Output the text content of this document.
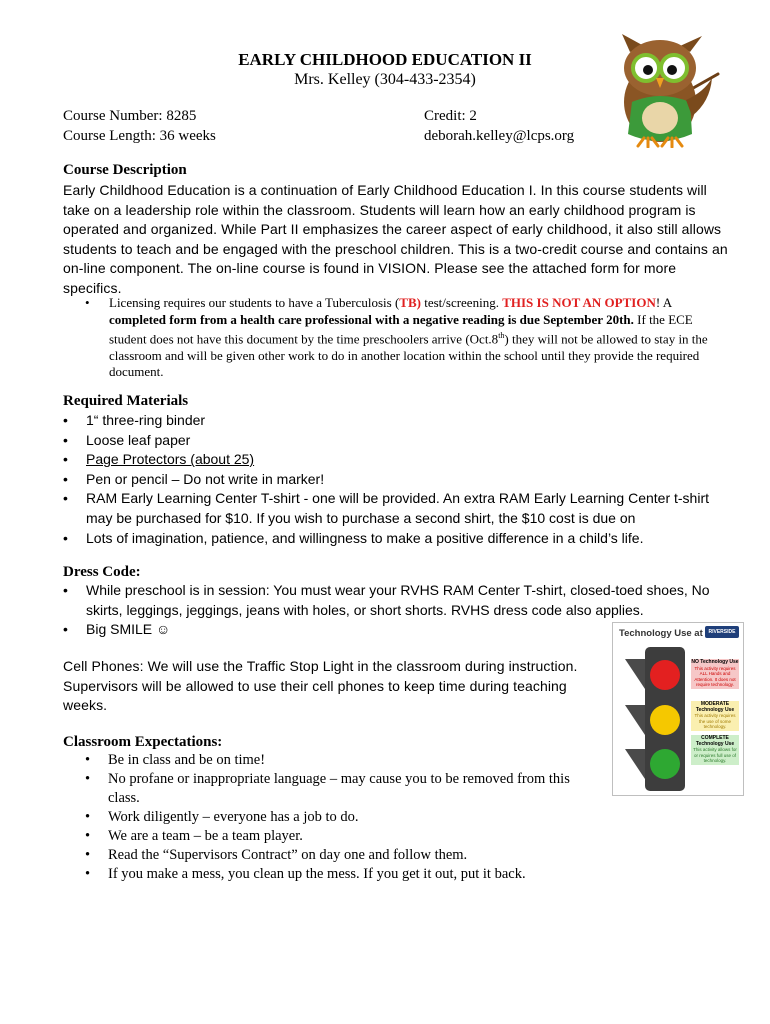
EARLY CHILDHOOD EDUCATION II
Mrs. Kelley (304-433-2354)
Course Number: 8285
Course Length: 36 weeks
Credit: 2
deborah.kelley@lcps.org
Course Description
Early Childhood Education is a continuation of Early Childhood Education I. In this course students will take on a leadership role within the classroom. Students will learn how an early childhood program is operated and organized. While Part II emphasizes the career aspect of early childhood, it also still allows students to teach and be engaged with the preschool children. This is a two-credit course and contains an on-line component. The on-line course is found in VISION. Please see the attached form for more specifics.
•	Licensing requires our students to have a Tuberculosis (TB) test/screening. THIS IS NOT AN OPTION! A completed form from a health care professional with a negative reading is due September 20th. If the ECE student does not have this document by the time preschoolers arrive (Oct.8th) they will not be allowed to stay in the classroom and will be given other work to do in another location within the school until they provide the required document.
Required Materials
• 1“ three-ring binder
• Loose leaf paper
• Page Protectors (about 25)
• Pen or pencil – Do not write in marker!
• RAM Early Learning Center T-shirt - one will be provided. An extra RAM Early Learning Center t-shirt may be purchased for $10. If you wish to purchase a second shirt, the $10 cost is due on
• Lots of imagination, patience, and willingness to make a positive difference in a child’s life.
Dress Code:
• While preschool is in session: You must wear your RVHS RAM Center T-shirt, closed-toed shoes, No skirts, leggings, jeggings, jeans with holes, or short shorts. RVHS dress code also applies.
• Big SMILE ☺
Cell Phones: We will use the Traffic Stop Light in the classroom during instruction. Supervisors will be allowed to use their cell phones to keep time during teaching weeks.
Classroom Expectations:
• Be in class and be on time!
• No profane or inappropriate language – may cause you to be removed from this class.
• Work diligently – everyone has a job to do.
• We are a team – be a team player.
• Read the “Supervisors Contract” on day one and follow them.
• If you make a mess, you clean up the mess. If you get it out, put it back.
Technology Use at	RIVERSIDE
NO Technology Use
This activity requires ALL Hands and Attention. It does not require technology.
MODERATE Technology Use
This activity requires the use of some technology.
COMPLETE Technology Use
This activity allows for or requires full use of technology.
